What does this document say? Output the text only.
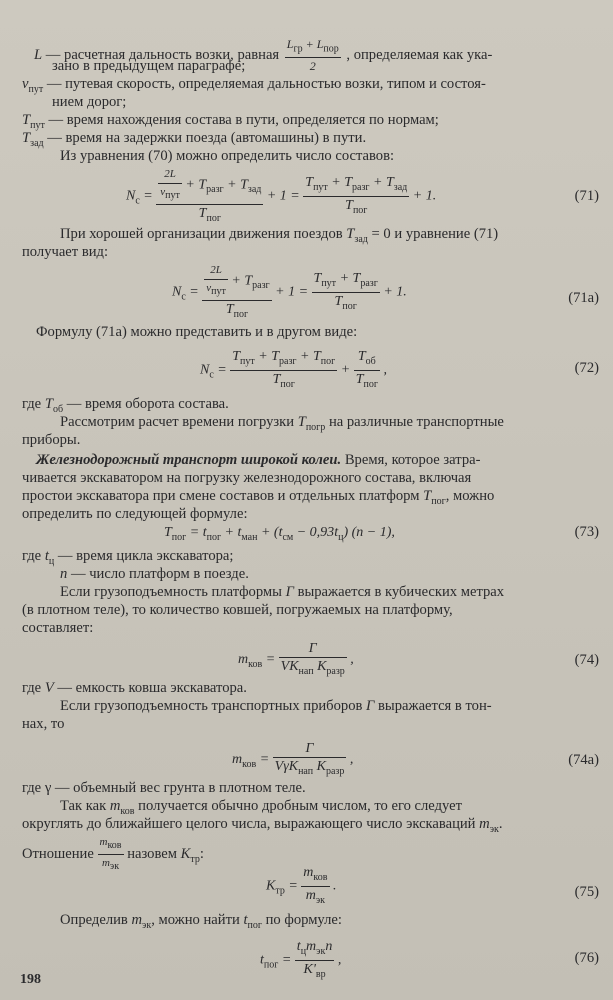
L — расчетная дальность возки, равная $\frac{L_{гр} + L_{пор}}{2}$ , определяемая как ука-
зано в предыдущем параграфе;
$v_{пут}$ — путевая скорость, определяемая дальностью возки, типом и состоя-
нием дорог;
$T_{пут}$ — время нахождения состава в пути, определяется по нормам;
$T_{зад}$ — время на задержки поезда (автомашины) в пути.
Из уравнения (70) можно определить число составов:
$N_c = \frac{\frac{2L}{v_{пут}} + T_{разг} + T_{зад}}{T_{пог}} + 1 = \frac{T_{пут} + T_{разг} + T_{зад}}{T_{пог}} + 1$.	(71)
При хорошей организации движения поездов $T_{зад} = 0$ и уравнение (71)
получает вид:
$N_c = \frac{\frac{2L}{v_{пут}} + T_{разг}}{T_{пог}} + 1 = \frac{T_{пут} + T_{разг}}{T_{пог}} + 1$.	(71а)
Формулу (71а) можно представить и в другом виде:
$N_c = \frac{T_{пут} + T_{разг} + T_{пог}}{T_{пог}} + \frac{T_{об}}{T_{пог}}$ ,	(72)
где $T_{об}$ — время оборота состава.
Рассмотрим расчет времени погрузки $T_{погр}$ на различные транспортные
приборы.
Железнодорожный транспорт широкой колеи. Время, которое затра-
чивается экскаватором на погрузку железнодорожного состава, включая
простои экскаватора при смене составов и отдельных платформ $T_{пог}$, можно
определить по следующей формуле:
$T_{пог} = t_{пог} + t_{ман} + (t_{см} - 0,93t_ц) (n - 1)$,	(73)
где $t_ц$ — время цикла экскаватора;
n — число платформ в поезде.
Если грузоподъемность платформы Г выражается в кубических метрах
(в плотном теле), то количество ковшей, погружаемых на платформу,
составляет:
$m_{ков} = \frac{Г}{VK_{нап} K_{разр}}$ ,	(74)
где V — емкость ковша экскаватора.
Если грузоподъемность транспортных приборов Г выражается в тон-
нах, то
$m_{ков} = \frac{Г}{V\gamma K_{нап} K_{разр}}$ ,	(74а)
где γ — объемный вес грунта в плотном теле.
Так как $m_{ков}$ получается обычно дробным числом, то его следует
округлять до ближайшего целого числа, выражающего число экскаваций $m_{эк}$.
Отношение $\frac{m_{ков}}{m_{эк}}$ назовем $K_{тр}$:
$K_{тр} = \frac{m_{ков}}{m_{эк}}$ .	(75)
Определив $m_{эк}$, можно найти $t_{пог}$ по формуле:
$t_{пог} = \frac{t_цm_{эк}n}{K'_{вр}}$ ,	(76)
198
